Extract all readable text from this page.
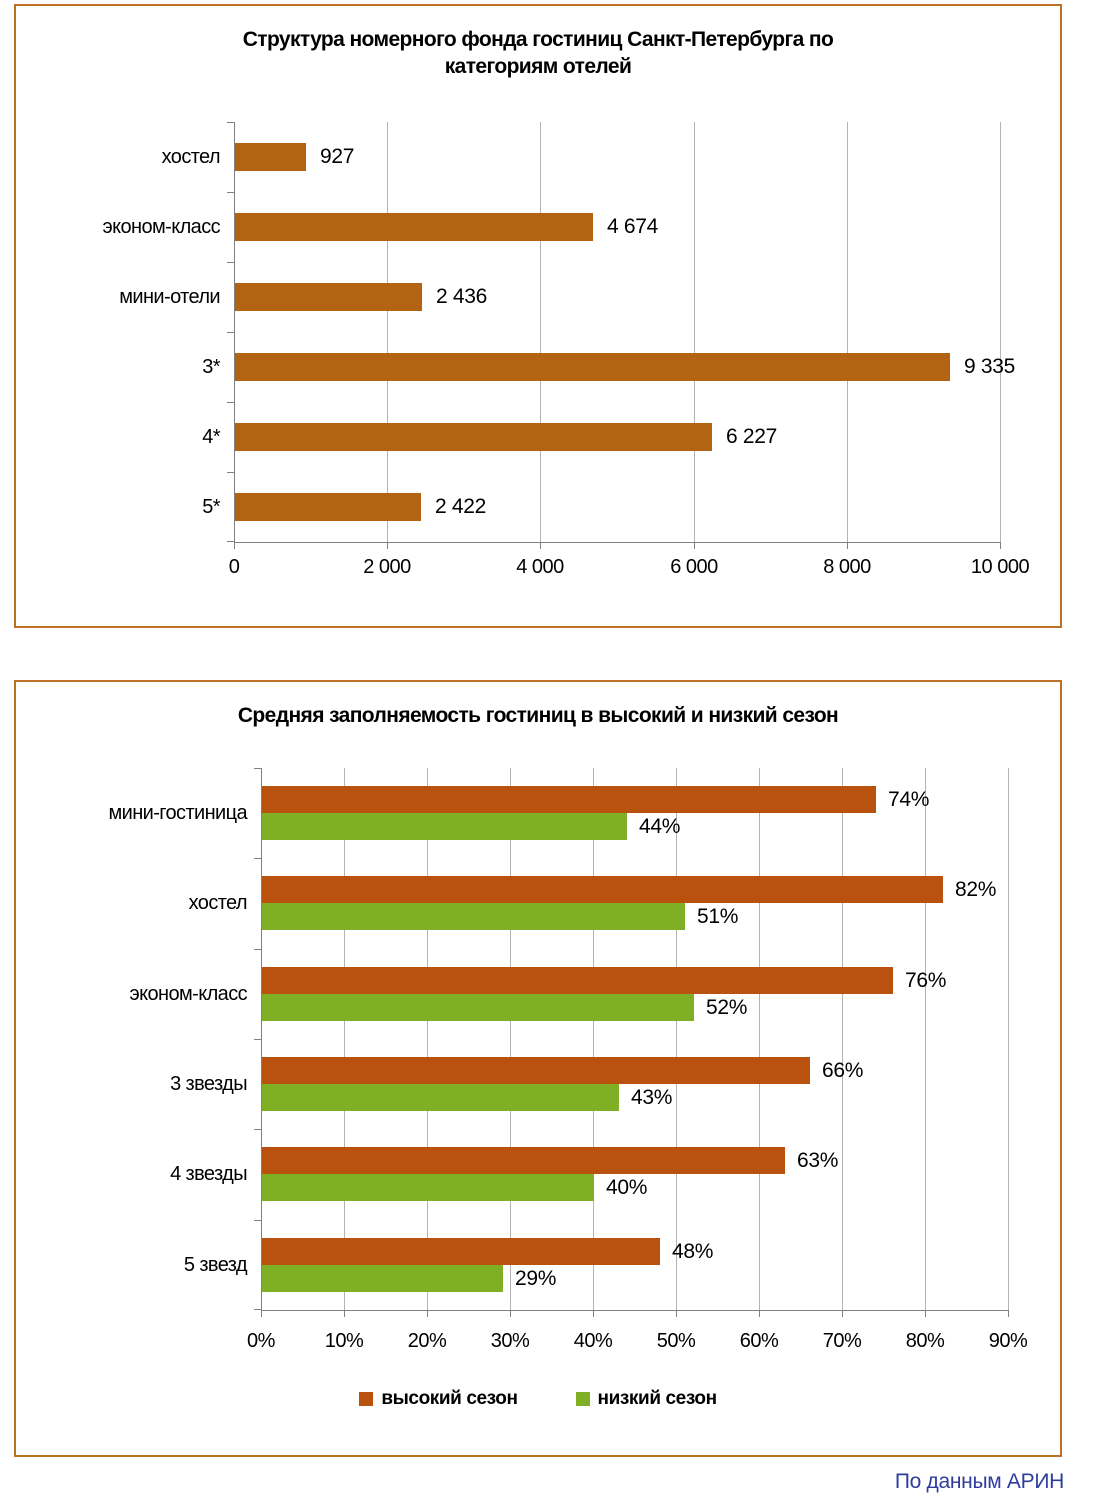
Структура номерного фонда гостиниц Санкт-Петербурга по
категориям отелей
хостел
эконом-класс
мини-отели
3*
4*
5*
927
4 674
2 436
9 335
6 227
2 422
0	2 000	4 000	6 000	8 000	10 000
Средняя заполняемость гостиниц в высокий и низкий сезон
мини-гостиница
хостел
эконом-класс
3 звезды
4 звезды
5 звезд
74%
82%
76%
66%
63%
48%
44%
51%
52%
43%
40%
29%
0%	10%	20%	30%	40%	50%	60%	70%	80%	90%
высокий сезон	низкий сезон
По данным АРИН
